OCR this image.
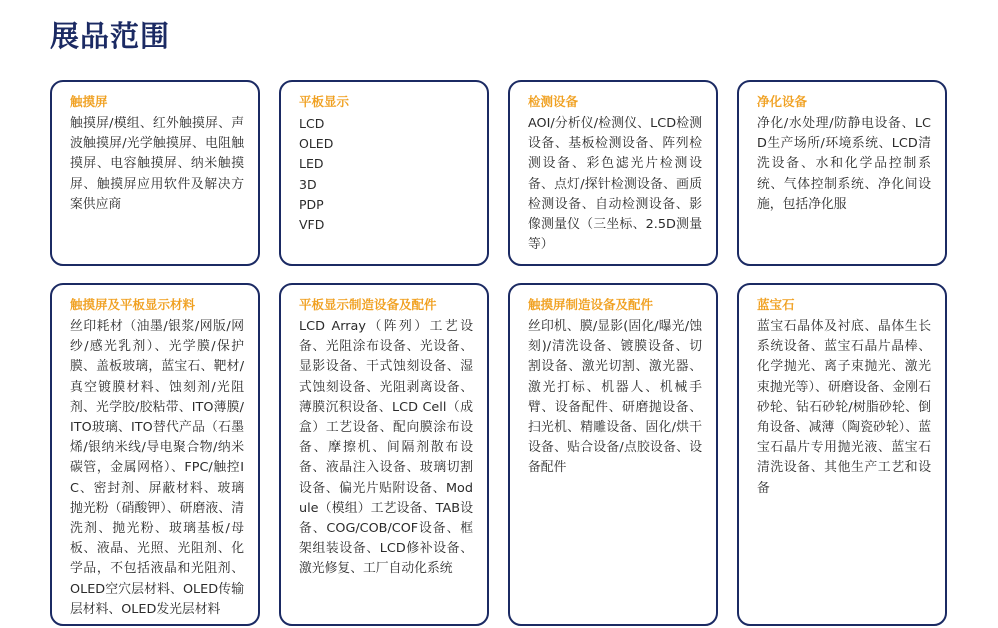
展品范围
触摸屏

触摸屏/模组、红外触摸屏、声波触摸屏/光学触摸屏、电阻触摸屏、电容触摸屏、纳米触摸屏、触摸屏应用软件及解决方案供应商

平板显示
LCD
OLED
LED
3D
PDP
VFD
检测设备

AOI/分析仪/检测仪、LCD检测设备、基板检测设备、阵列检测设备、彩色滤光片检测设备、点灯/探针检测设备、画质检测设备、自动检测设备、影像测量仪（三坐标、2.5D测量等）

净化设备

净化/水处理/防静电设备、LCD生产场所/环境系统、LCD清洗设备、水和化学品控制系统、气体控制系统、净化间设施，包括净化服

触摸屏及平板显示材料

丝印耗材（油墨/银浆/网版/网纱/感光乳剂）、光学膜/保护膜、盖板玻璃，蓝宝石、靶材/真空镀膜材料、蚀刻剂/光阻剂、光学胶/胶粘带、ITO薄膜/ITO玻璃、ITO替代产品（石墨烯/银纳米线/导电聚合物/纳米碳管，金属网格）、FPC/触控IC、密封剂、屏蔽材料、玻璃抛光粉（硝酸钾）、研磨液、清洗剂、抛光粉、玻璃基板/母板、液晶、光照、光阻剂、化学品，不包括液晶和光阻剂、OLED空穴层材料、OLED传输层材料、OLED发光层材料

平板显示制造设备及配件

LCD Array（阵列）工艺设备、光阻涂布设备、光设备、显影设备、干式蚀刻设备、湿式蚀刻设备、光阻剥离设备、薄膜沉积设备、LCD Cell（成盒）工艺设备、配向膜涂布设备、摩擦机、间隔剂散布设备、液晶注入设备、玻璃切割设备、偏光片贴附设备、Module（模组）工艺设备、TAB设备、COG/COB/COF设备、框架组装设备、LCD修补设备、激光修复、工厂自动化系统

触摸屏制造设备及配件

丝印机、膜/显影(固化/曝光/蚀刻)/清洗设备、镀膜设备、切割设备、激光切割、激光器、激光打标、机器人、机械手臂、设备配件、研磨抛设备、扫光机、精雕设备、固化/烘干设备、贴合设备/点胶设备、设备配件

蓝宝石

蓝宝石晶体及衬底、晶体生长系统设备、蓝宝石晶片晶棒、化学抛光、离子束抛光、激光束抛光等）、研磨设备、金刚石砂轮、钻石砂轮/树脂砂轮、倒角设备、减薄（陶瓷砂轮）、蓝宝石晶片专用抛光液、蓝宝石清洗设备、其他生产工艺和设备
